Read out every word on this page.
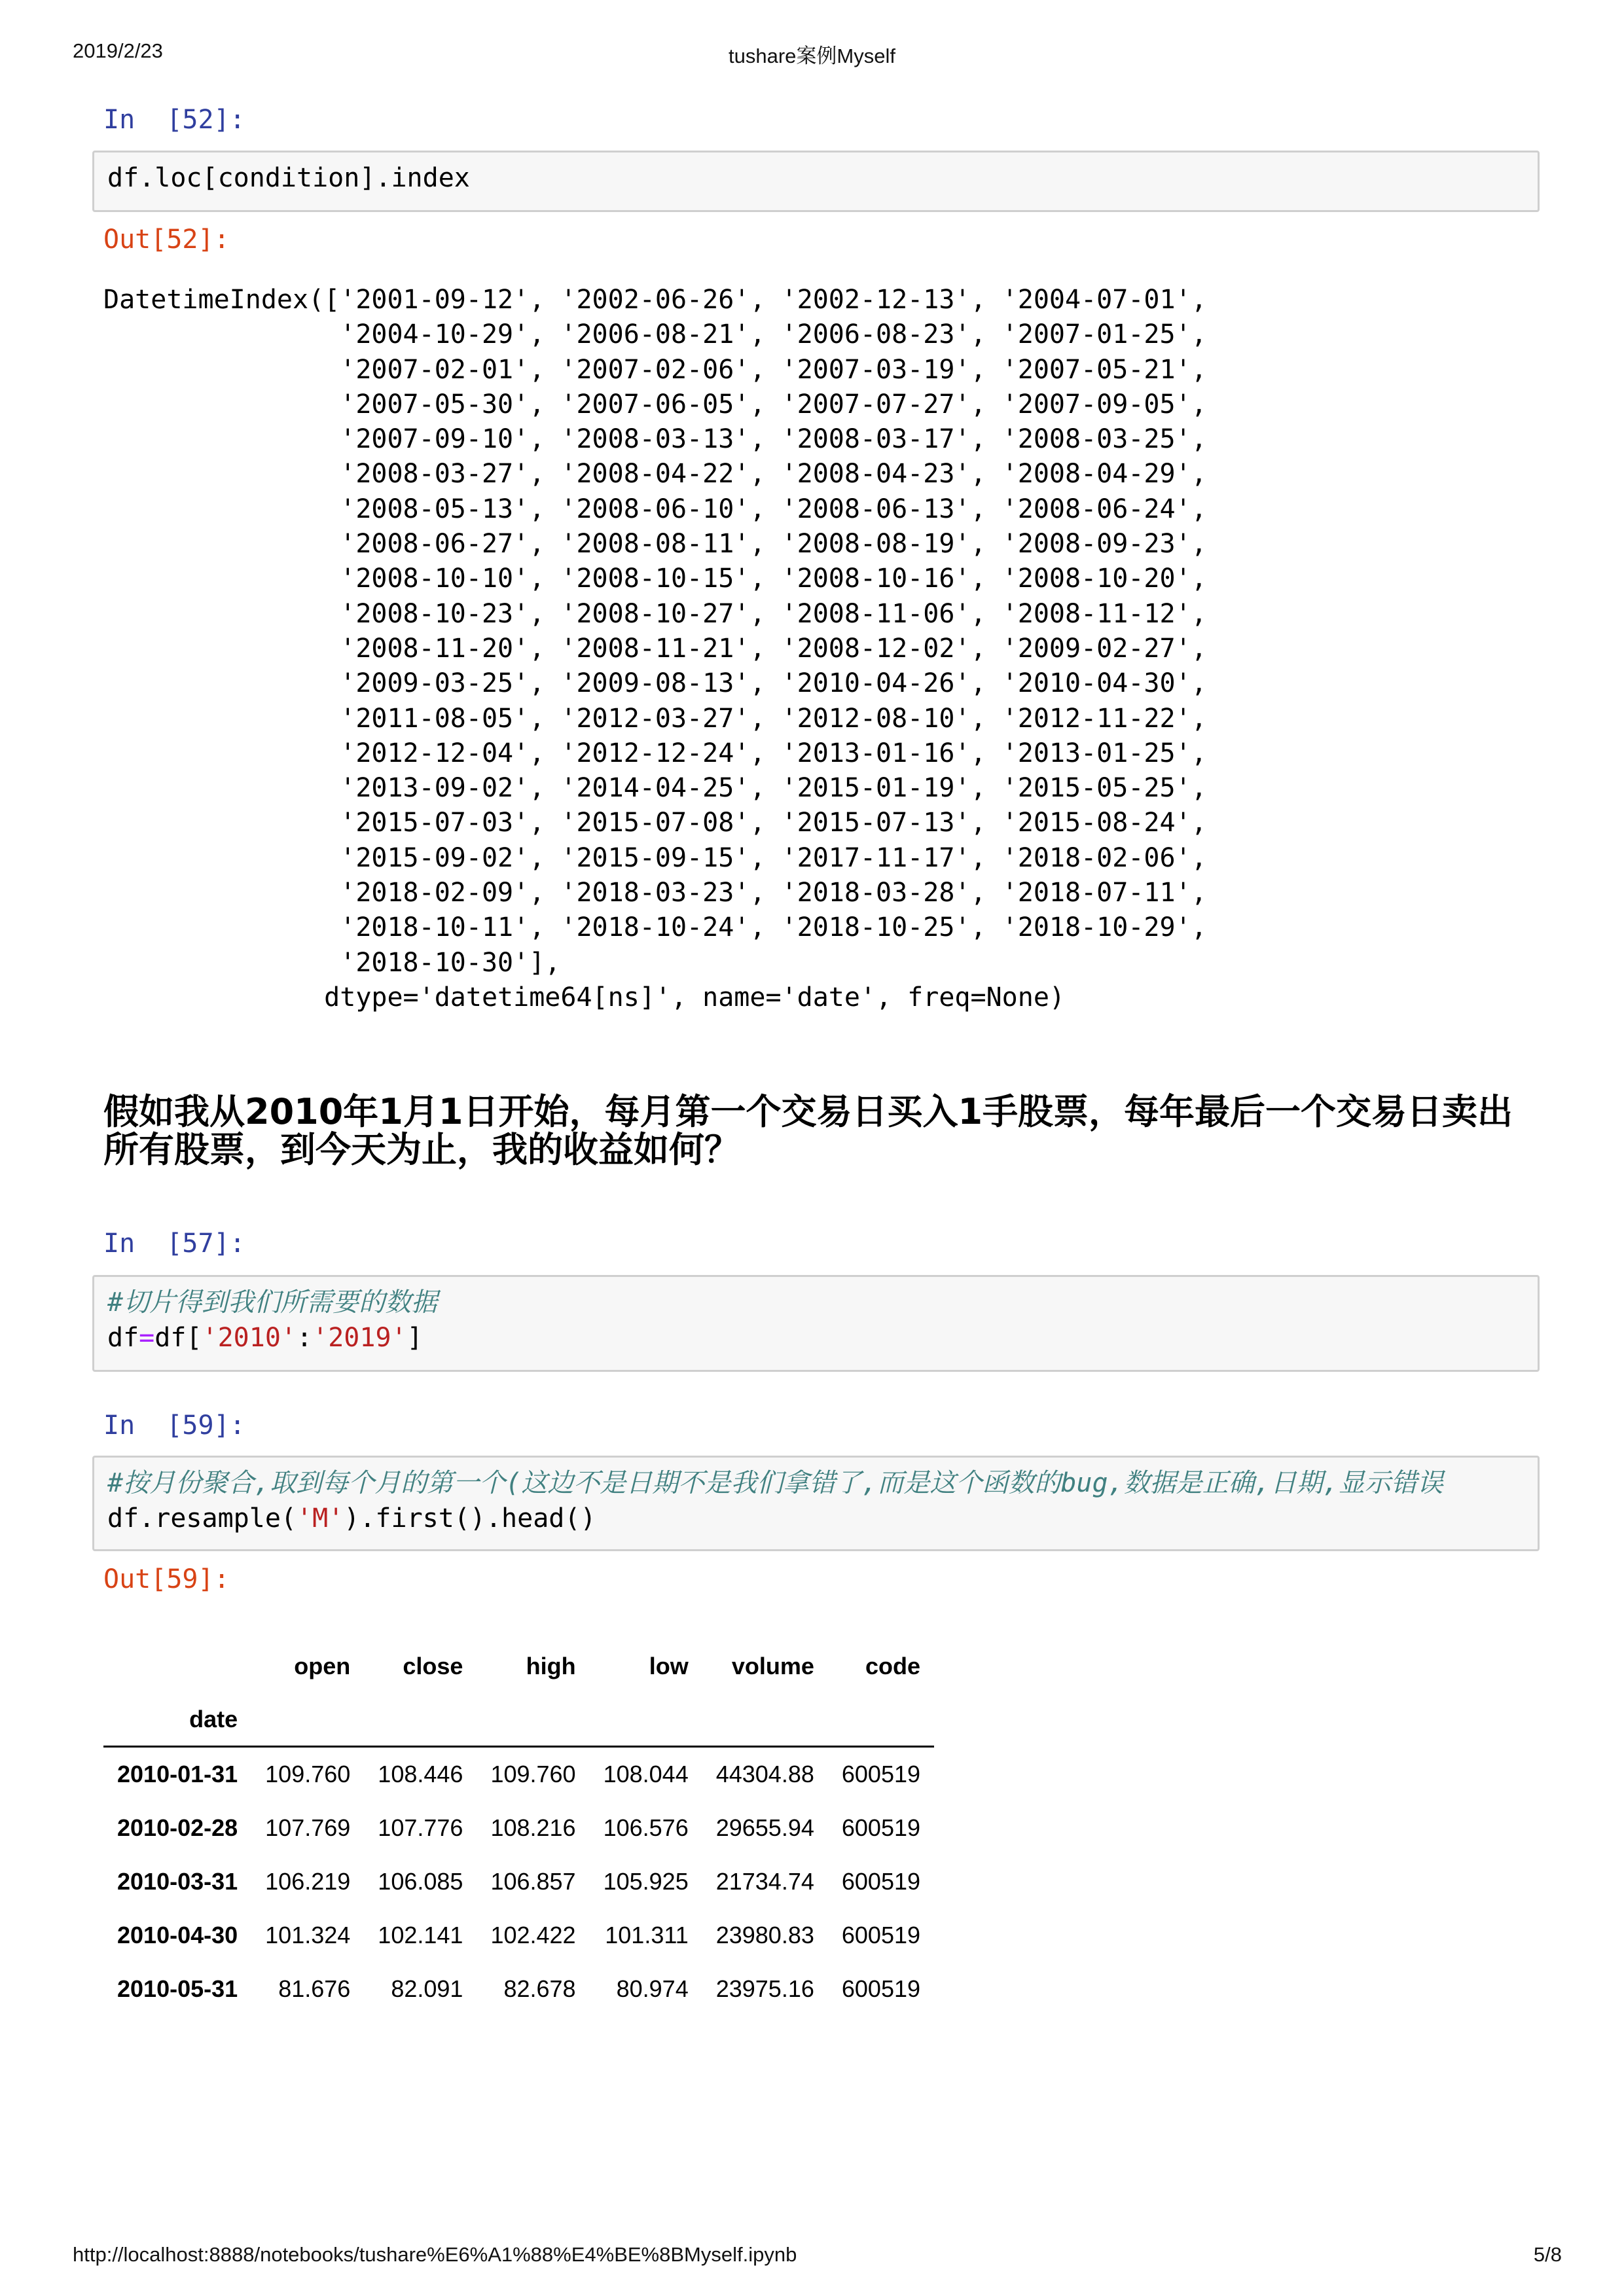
2019/2/23	tushare案例Myself
In  [52]:
df.loc[condition].index
Out[52]:
DatetimeIndex(['2001-09-12', '2002-06-26', '2002-12-13', '2004-07-01',
'2004-10-29', '2006-08-21', '2006-08-23', '2007-01-25',
'2007-02-01', '2007-02-06', '2007-03-19', '2007-05-21',
'2007-05-30', '2007-06-05', '2007-07-27', '2007-09-05',
'2007-09-10', '2008-03-13', '2008-03-17', '2008-03-25',
'2008-03-27', '2008-04-22', '2008-04-23', '2008-04-29',
'2008-05-13', '2008-06-10', '2008-06-13', '2008-06-24',
'2008-06-27', '2008-08-11', '2008-08-19', '2008-09-23',
'2008-10-10', '2008-10-15', '2008-10-16', '2008-10-20',
'2008-10-23', '2008-10-27', '2008-11-06', '2008-11-12',
'2008-11-20', '2008-11-21', '2008-12-02', '2009-02-27',
'2009-03-25', '2009-08-13', '2010-04-26', '2010-04-30',
'2011-08-05', '2012-03-27', '2012-08-10', '2012-11-22',
'2012-12-04', '2012-12-24', '2013-01-16', '2013-01-25',
'2013-09-02', '2014-04-25', '2015-01-19', '2015-05-25',
'2015-07-03', '2015-07-08', '2015-07-13', '2015-08-24',
'2015-09-02', '2015-09-15', '2017-11-17', '2018-02-06',
'2018-02-09', '2018-03-23', '2018-03-28', '2018-07-11',
'2018-10-11', '2018-10-24', '2018-10-25', '2018-10-29',
'2018-10-30'],
dtype='datetime64[ns]', name='date', freq=None)
假如我从2010年1月1日开始，每月第一个交易日买入1手股票，每年最后一个交易日卖出所有股票，到今天为止，我的收益如何？
In  [57]:
#切片得到我们所需要的数据
df=df['2010':'2019']
In  [59]:
#按月份聚合,取到每个月的第一个(这边不是日期不是我们拿错了,而是这个函数的bug,数据是正确,日期,显示错误
df.resample('M').first().head()
Out[59]:
	open	close	high	low	volume	code
date						
2010-01-31	109.760	108.446	109.760	108.044	44304.88	600519
2010-02-28	107.769	107.776	108.216	106.576	29655.94	600519
2010-03-31	106.219	106.085	106.857	105.925	21734.74	600519
2010-04-30	101.324	102.141	102.422	101.311	23980.83	600519
2010-05-31	81.676	82.091	82.678	80.974	23975.16	600519
http://localhost:8888/notebooks/tushare%E6%A1%88%E4%BE%8BMyself.ipynb	5/8
